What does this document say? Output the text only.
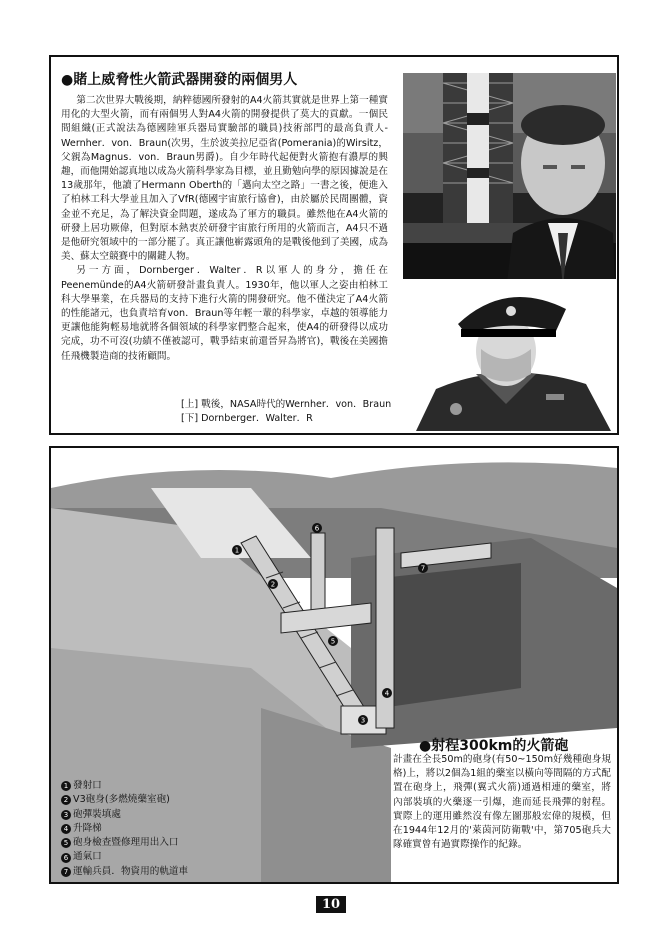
●賭上威脅性火箭武器開發的兩個男人

第二次世界大戰後期，納粹德國所發射的A4火箭其實就是世界上第一種實用化的大型火箭，而有兩個男人對A4火箭的開發提供了莫大的貢獻。一個民間組織(正式說法為德國陸軍兵器局實驗部的職員)技術部門的最高負責人-Wernher．von．Braun(次男，生於波美拉尼亞省(Pomerania)的Wirsitz，父親為Magnus．von．Braun男爵)。自少年時代起便對火箭抱有濃厚的興趣，而他開始認真地以成為火箭科學家為目標，並且勤勉向學的原因據說是在13歲那年，他讀了Hermann Oberth的「邁向太空之路」一書之後，便進入了柏林工科大學並且加入了VfR(德國宇宙旅行協會)，由於屬於民間團體，資金並不充足，為了解決資金問題，遂成為了軍方的職員。雖然他在A4火箭的研發上居功厥偉，但對原本熱衷於研發宇宙旅行所用的火箭而言，A4只不過是他研究領域中的一部分罷了。真正讓他嶄露頭角的是戰後他到了美國，成為美、蘇太空競賽中的關鍵人物。

另一方面，Dornberger．Walter．R以軍人的身分，擔任在Peenemünde的A4火箭研發計畫負責人。1930年，他以軍人之姿由柏林工科大學畢業，在兵器局的支持下進行火箭的開發研究。他不僅決定了A4火箭的性能諸元，也負責培育von．Braun等年輕一輩的科學家，卓越的領導能力更讓他能夠輕易地就將各個領域的科學家們整合起來，使A4的研發得以成功完成，功不可沒(功績不僅被認可，戰爭結束前還晉昇為將官)，戰後在美國擔任飛機製造商的技術顧問。

[上] 戰後，NASA時代的Wernher．von．Braun
[下] Dornberger．Walter．R
1
2
3
4
5
6
7
1 發射口
2 V3砲身(多燃燒藥室砲)
3 砲彈裝填處
4 升降梯
5 砲身檢查暨修理用出入口
6 通氣口
7 運輸兵員．物資用的軌道車
●射程300km的火箭砲
計畫在全長50m的砲身(有50~150m好幾種砲身規格)上，將以2個為1組的藥室以橫向等間隔的方式配置在砲身上，飛彈(翼式火箭)通過相連的藥室，將內部裝填的火藥逐一引爆，進而延長飛彈的射程。實際上的運用雖然沒有像左圖那般宏偉的規模，但在1944年12月的'萊茵河防衛戰'中，第705砲兵大隊確實曾有過實際操作的紀錄。
10
